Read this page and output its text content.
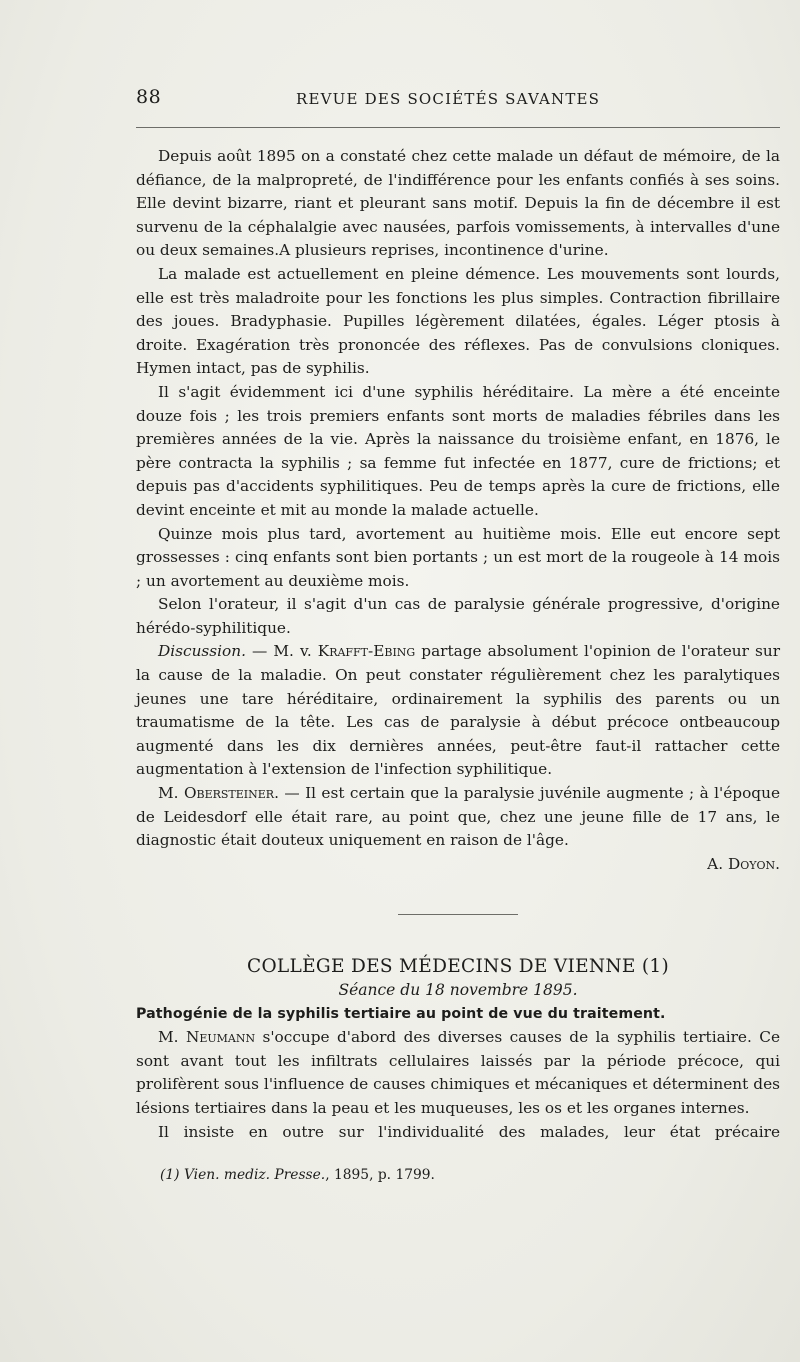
88	REVUE DES SOCIÉTÉS SAVANTES

Depuis août 1895 on a constaté chez cette malade un défaut de mémoire, de la défiance, de la malpropreté, de l'indifférence pour les enfants confiés à ses soins. Elle devint bizarre, riant et pleurant sans motif. Depuis la fin de décembre il est survenu de la céphalalgie avec nausées, parfois vomissements, à intervalles d'une ou deux semaines.A plusieurs reprises, incontinence d'urine.

La malade est actuellement en pleine démence. Les mouvements sont lourds, elle est très maladroite pour les fonctions les plus simples. Contraction fibrillaire des joues. Bradyphasie. Pupilles légèrement dilatées, égales. Léger ptosis à droite. Exagération très prononcée des réflexes. Pas de convulsions cloniques. Hymen intact, pas de syphilis.

Il s'agit évidemment ici d'une syphilis héréditaire. La mère a été enceinte douze fois ; les trois premiers enfants sont morts de maladies fébriles dans les premières années de la vie. Après la naissance du troisième enfant, en 1876, le père contracta la syphilis ; sa femme fut infectée en 1877, cure de frictions; et depuis pas d'accidents syphilitiques. Peu de temps après la cure de frictions, elle devint enceinte et mit au monde la malade actuelle.

Quinze mois plus tard, avortement au huitième mois. Elle eut encore sept grossesses : cinq enfants sont bien portants ; un est mort de la rougeole à 14 mois ; un avortement au deuxième mois.

Selon l'orateur, il s'agit d'un cas de paralysie générale progressive, d'origine hérédo-syphilitique.

Discussion. — M. v. Krafft-Ebing partage absolument l'opinion de l'orateur sur la cause de la maladie. On peut constater régulièrement chez les paralytiques jeunes une tare héréditaire, ordinairement la syphilis des parents ou un traumatisme de la tête. Les cas de paralysie à début précoce ontbeaucoup augmenté dans les dix dernières années, peut-être faut-il rattacher cette augmentation à l'extension de l'infection syphilitique.

M. Obersteiner. — Il est certain que la paralysie juvénile augmente ; à l'époque de Leidesdorf elle était rare, au point que, chez une jeune fille de 17 ans, le diagnostic était douteux uniquement en raison de l'âge.

A. Doyon.

COLLÈGE DES MÉDECINS DE VIENNE (1)

Séance du 18 novembre 1895.

Pathogénie de la syphilis tertiaire au point de vue du traitement.

M. Neumann s'occupe d'abord des diverses causes de la syphilis tertiaire. Ce sont avant tout les infiltrats cellulaires laissés par la période précoce, qui prolifèrent sous l'influence de causes chimiques et mécaniques et déterminent des lésions tertiaires dans la peau et les muqueuses, les os et les organes internes.

Il insiste en outre sur l'individualité des malades, leur état précaire

(1) Vien. mediz. Presse., 1895, p. 1799.
